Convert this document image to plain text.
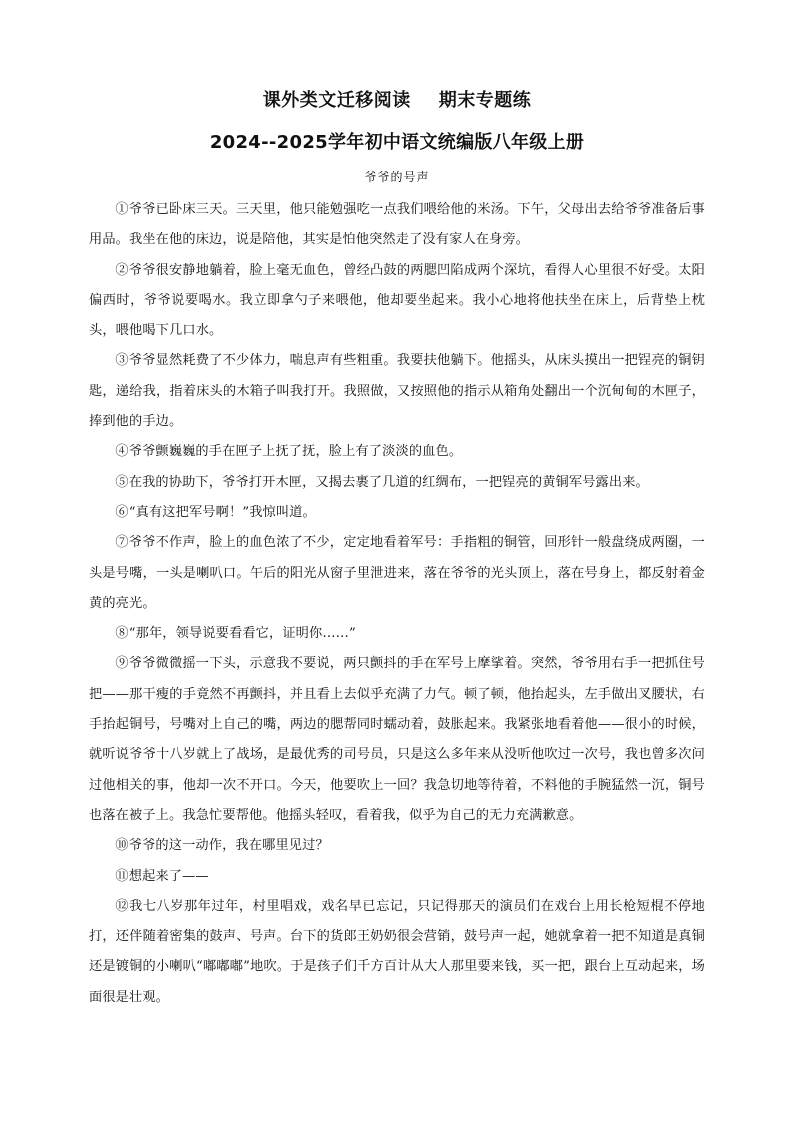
课外类文迁移阅读 期末专题练
2024--2025学年初中语文统编版八年级上册
爷爷的号声

①爷爷已卧床三天。三天里，他只能勉强吃一点我们喂给他的米汤。下午，父母出去给爷爷准备后事用品。我坐在他的床边，说是陪他，其实是怕他突然走了没有家人在身旁。

②爷爷很安静地躺着，脸上毫无血色，曾经凸鼓的两腮凹陷成两个深坑，看得人心里很不好受。太阳偏西时，爷爷说要喝水。我立即拿勺子来喂他，他却要坐起来。我小心地将他扶坐在床上，后背垫上枕头，喂他喝下几口水。

③爷爷显然耗费了不少体力，喘息声有些粗重。我要扶他躺下。他摇头，从床头摸出一把锃亮的铜钥匙，递给我，指着床头的木箱子叫我打开。我照做，又按照他的指示从箱角处翻出一个沉甸甸的木匣子，捧到他的手边。

④爷爷颤巍巍的手在匣子上抚了抚，脸上有了淡淡的血色。

⑤在我的协助下，爷爷打开木匣，又揭去裹了几道的红绸布，一把锃亮的黄铜军号露出来。

⑥“真有这把军号啊！”我惊叫道。

⑦爷爷不作声，脸上的血色浓了不少，定定地看着军号：手指粗的铜管，回形针一般盘绕成两圈，一头是号嘴，一头是喇叭口。午后的阳光从窗子里泄进来，落在爷爷的光头顶上，落在号身上，都反射着金黄的亮光。

⑧“那年，领导说要看看它，证明你……”

⑨爷爷微微摇一下头，示意我不要说，两只颤抖的手在军号上摩挲着。突然，爷爷用右手一把抓住号把——那干瘦的手竟然不再颤抖，并且看上去似乎充满了力气。顿了顿，他抬起头，左手做出叉腰状，右手抬起铜号，号嘴对上自己的嘴，两边的腮帮同时蠕动着，鼓胀起来。我紧张地看着他——很小的时候，就听说爷爷十八岁就上了战场，是最优秀的司号员，只是这么多年来从没听他吹过一次号，我也曾多次问过他相关的事，他却一次不开口。今天，他要吹上一回？我急切地等待着，不料他的手腕猛然一沉，铜号也落在被子上。我急忙要帮他。他摇头轻叹，看着我，似乎为自己的无力充满歉意。

⑩爷爷的这一动作，我在哪里见过？

⑪想起来了——

⑫我七八岁那年过年，村里唱戏，戏名早已忘记，只记得那天的演员们在戏台上用长枪短棍不停地打，还伴随着密集的鼓声、号声。台下的货郎王奶奶很会营销，鼓号声一起，她就拿着一把不知道是真铜还是镀铜的小喇叭“嘟嘟嘟”地吹。于是孩子们千方百计从大人那里要来钱，买一把，跟台上互动起来，场面很是壮观。
